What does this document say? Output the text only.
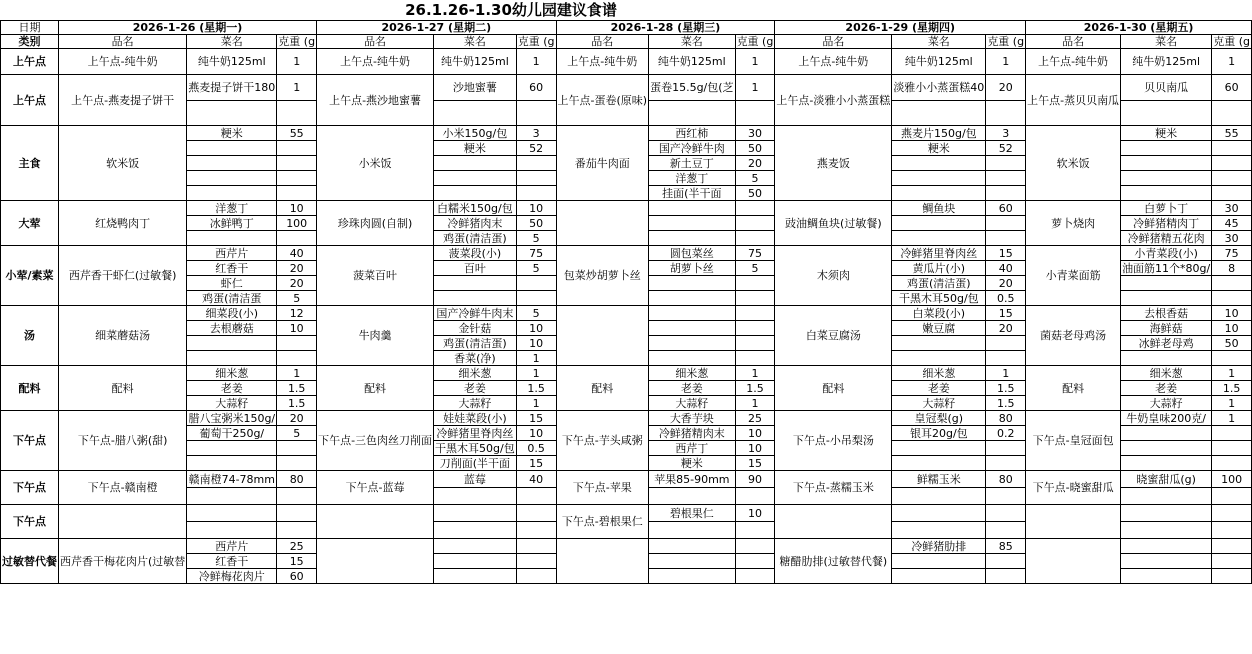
26.1.26-1.30幼儿园建议食谱
日期	2026-1-26 (星期一)			2026-1-27 (星期二)			2026-1-28 (星期三)			2026-1-29 (星期四)			2026-1-30 (星期五)		
类别	品名	菜名	克重 (g	品名	菜名	克重 (g	品名	菜名	克重 (g	品名	菜名	克重 (g	品名	菜名	克重 (g
上午点	上午点-纯牛奶	纯牛奶125ml	1	上午点-纯牛奶	纯牛奶125ml	1	上午点-纯牛奶	纯牛奶125ml	1	上午点-纯牛奶	纯牛奶125ml	1	上午点-纯牛奶	纯牛奶125ml	1
上午点	上午点-燕麦提子饼干	燕麦提子饼干180	1	上午点-燕沙地蜜薯	沙地蜜薯	60	上午点-蛋卷(原味)	蛋卷15.5g/包(芝	1	上午点-淡雅小小蒸蛋糕	淡雅小小蒸蛋糕40	20	上午点-蒸贝贝南瓜	贝贝南瓜	60

主食	软米饭	粳米	55	小米饭	小米150g/包	3	番茄牛肉面	西红柿	30	燕麦饭	燕麦片150g/包	3	软米饭	粳米	55
					粳米	52		国产冷鲜牛肉	50		粳米	52			
								新土豆丁	20						
								洋葱丁	5						
								挂面(半干面	50						
大荤	红烧鸭肉丁	洋葱丁	10	珍珠肉圆(自制)	白糯米150g/包	10				豉油鲷鱼块(过敏餐)	鲷鱼块	60	萝卜烧肉	白萝卜丁	30
		冰鲜鸭丁	100		冷鲜猪肉末	50								冷鲜猪精肉丁	45
					鸡蛋(清洁蛋)	5								冷鲜猪精五花肉	30
小荤/素菜	西芹香干虾仁(过敏餐)	西芹片	40	菠菜百叶	菠菜段(小)	75	包菜炒胡萝卜丝	圆包菜丝	75	木须肉	冷鲜猪里脊肉丝	15	小青菜面筋	小青菜段(小)	75
		红香干	20		百叶	5		胡萝卜丝	5		黄瓜片(小)	40		油面筋11个*80g/	8
		虾仁	20								鸡蛋(清洁蛋)	20			
		鸡蛋(清洁蛋	5								干黑木耳50g/包	0.5			
汤	细菜蘑菇汤	细菜段(小)	12	牛肉羹	国产冷鲜牛肉末	5				白菜豆腐汤	白菜段(小)	15	菌菇老母鸡汤	去根香菇	10
		去根蘑菇	10		金针菇	10					嫩豆腐	20		海鲜菇	10
					鸡蛋(清洁蛋)	10								冰鲜老母鸡	50
					香菜(净)	1									
配料	配料	细米葱	1	配料	细米葱	1	配料	细米葱	1	配料	细米葱	1	配料	细米葱	1
		老姜	1.5		老姜	1.5		老姜	1.5		老姜	1.5		老姜	1.5
		大蒜籽	1.5		大蒜籽	1		大蒜籽	1		大蒜籽	1.5		大蒜籽	1
下午点	下午点-腊八粥(甜)	腊八宝粥米150g/	20	下午点-三色肉丝刀削面	娃娃菜段(小)	15	下午点-芋头咸粥	大香芋块	25	下午点-小吊梨汤	皇冠梨(g)	80	下午点-皇冠面包	牛奶皇味200克/	1
		葡萄干250g/	5		冷鲜猪里脊肉丝	10		冷鲜猪精肉末	10		银耳20g/包	0.2			
					干黑木耳50g/包	0.5		西芹丁	10						
					刀削面(半干面	15		粳米	15						
下午点	下午点-赣南橙	赣南橙74-78mm	80	下午点-蓝莓	蓝莓	40	下午点-苹果	苹果85-90mm	90	下午点-蒸糯玉米	鲜糯玉米	80	下午点-晓蜜甜瓜	晓蜜甜瓜(g)	100

下午点							下午点-碧根果仁	碧根果仁	10						

过敏替代餐	西芹香干梅花肉片(过敏替	西芹片	25							糖醋肋排(过敏替代餐)	冷鲜猪肋排	85			
		红香干	15												
		冷鲜梅花肉片	60												
